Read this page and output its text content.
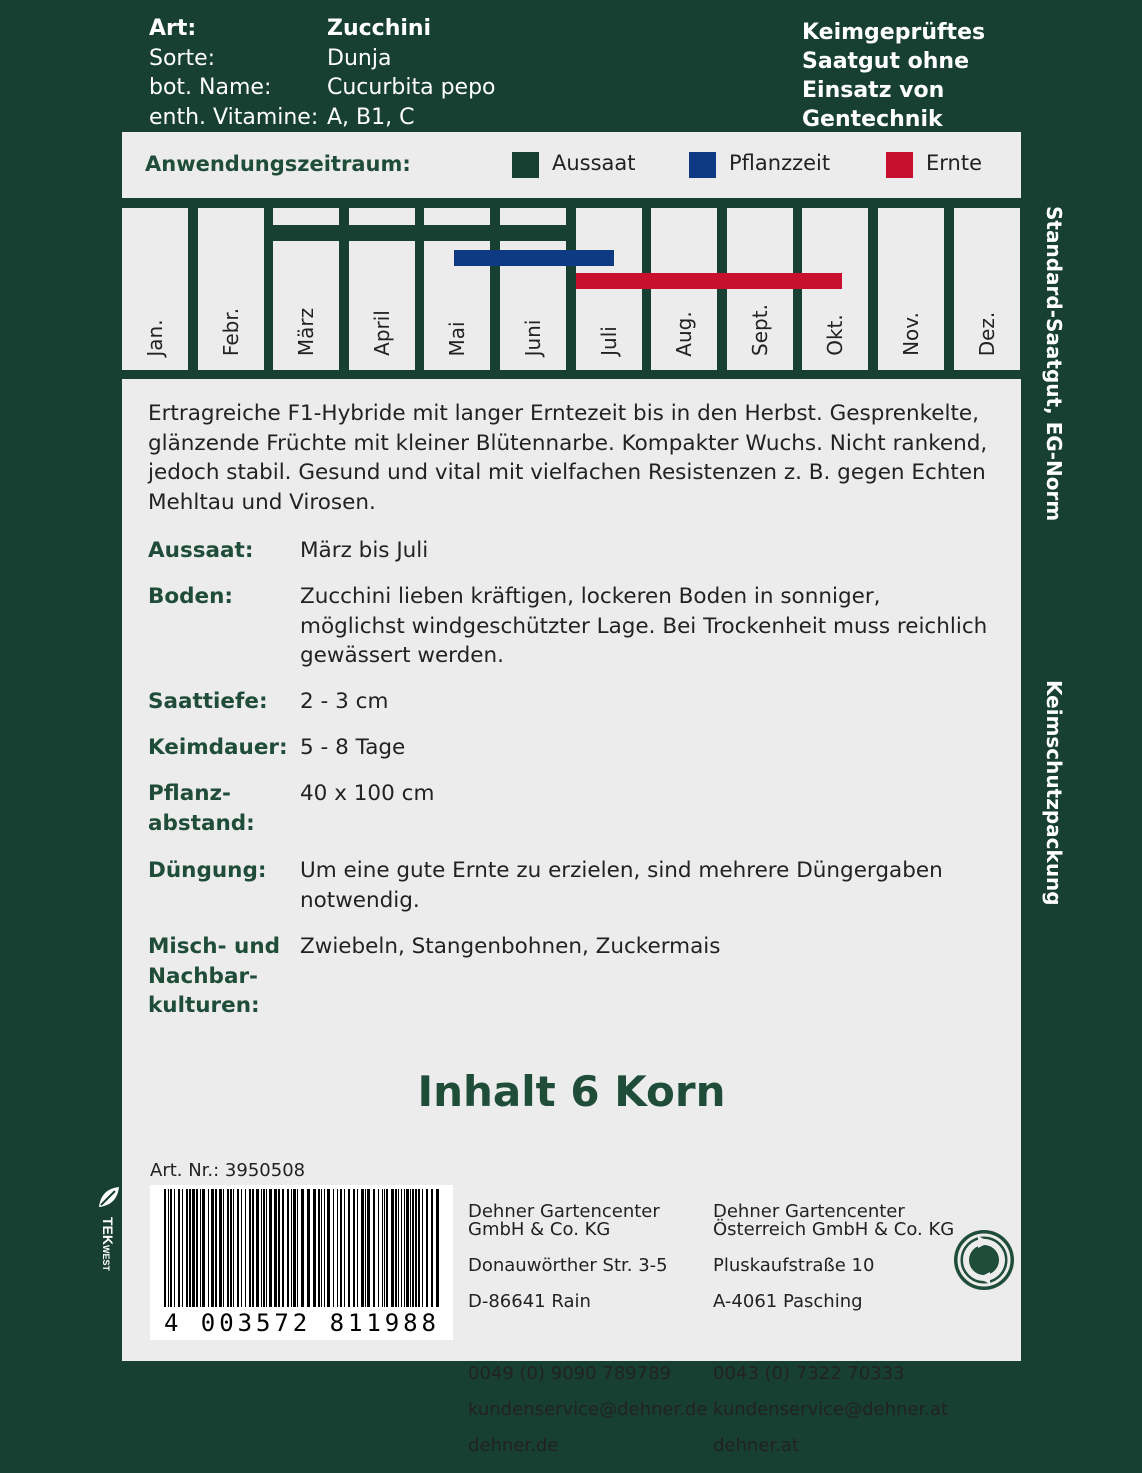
Art:	Zucchini
Sorte:	Dunja
bot. Name:	Cucurbita pepo
enth. Vitamine: A, B1, C
Keimgeprüftes Saatgut ohne Einsatz von Gentechnik
Anwendungszeitraum:	Aussaat	Pflanzzeit	Ernte
Jan.	Febr.	März	April	Mai	Juni	Juli	Aug.	Sept.	Okt.	Nov.	Dez. Standard-Saatgut, EG-Norm
Keimschutzpackung
Ertragreiche F1-Hybride mit langer Erntezeit bis in den Herbst. Gesprenkelte, glänzende Früchte mit kleiner Blütennarbe. Kompakter Wuchs. Nicht rankend, jedoch stabil. Gesund und vital mit vielfachen Resistenzen z. B. gegen Echten Mehltau und Virosen.
Aussaat:	März bis Juli
Boden:	Zucchini lieben kräftigen, lockeren Boden in sonniger, möglichst windgeschützter Lage. Bei Trockenheit muss reichlich gewässert werden.
Saattiefe:	2 - 3 cm
Keimdauer: 5 - 8 Tage
Pflanz-
abstand:
40 x 100 cm
Düngung:	Um eine gute Ernte zu erzielen, sind mehrere Düngergaben notwendig.
Misch- und
Nachbar-
kulturen:
Zwiebeln, Stangenbohnen, Zuckermais
Inhalt 6 Korn
Art. Nr.: 3950508
4 003572 811988

Dehner Gartencenter
GmbH & Co. KG

Donauwörther Str. 3-5

D-86641 Rain

0049 (0) 9090 789789

kundenservice@dehner.de

dehner.de

Dehner Gartencenter
Österreich GmbH & Co. KG

Pluskaufstraße 10

A-4061 Pasching

0043 (0) 7322 70333

kundenservice@dehner.at

dehner.at

TEKWEST
